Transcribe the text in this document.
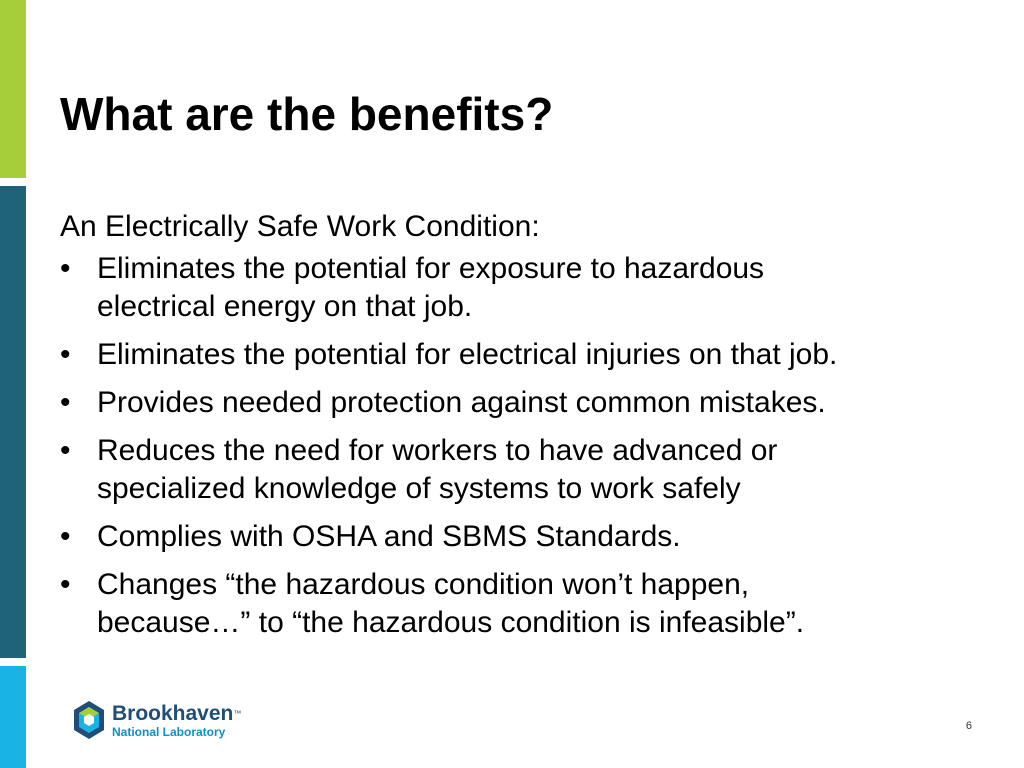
What are the benefits?

An Electrically Safe Work Condition:

• Eliminates the potential for exposure to hazardous
electrical energy on that job.
• Eliminates the potential for electrical injuries on that job.
• Provides needed protection against common mistakes.
• Reduces the need for workers to have advanced or
specialized knowledge of systems to work safely
• Complies with OSHA and SBMS Standards.
• Changes “the hazardous condition won’t happen,
because…” to “the hazardous condition is infeasible”.
Brookhaven™
National Laboratory	6
